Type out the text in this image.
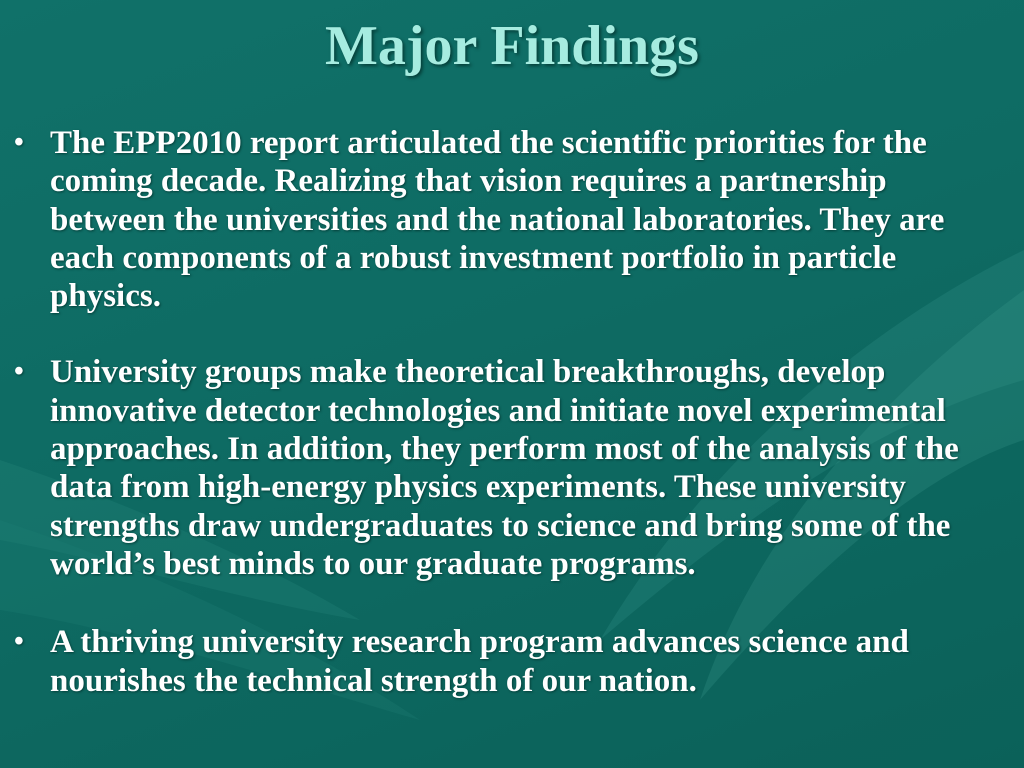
Major Findings
• The EPP2010 report articulated the scientific priorities for the coming decade. Realizing that vision requires a partnership between the universities and the national laboratories. They are each components of a robust investment portfolio in particle physics.
• University groups make theoretical breakthroughs, develop innovative detector technologies and initiate novel experimental approaches. In addition, they perform most of the analysis of the data from high-energy physics experiments. These university strengths draw undergraduates to science and bring some of the world’s best minds to our graduate programs.
• A thriving university research program advances science and nourishes the technical strength of our nation.
